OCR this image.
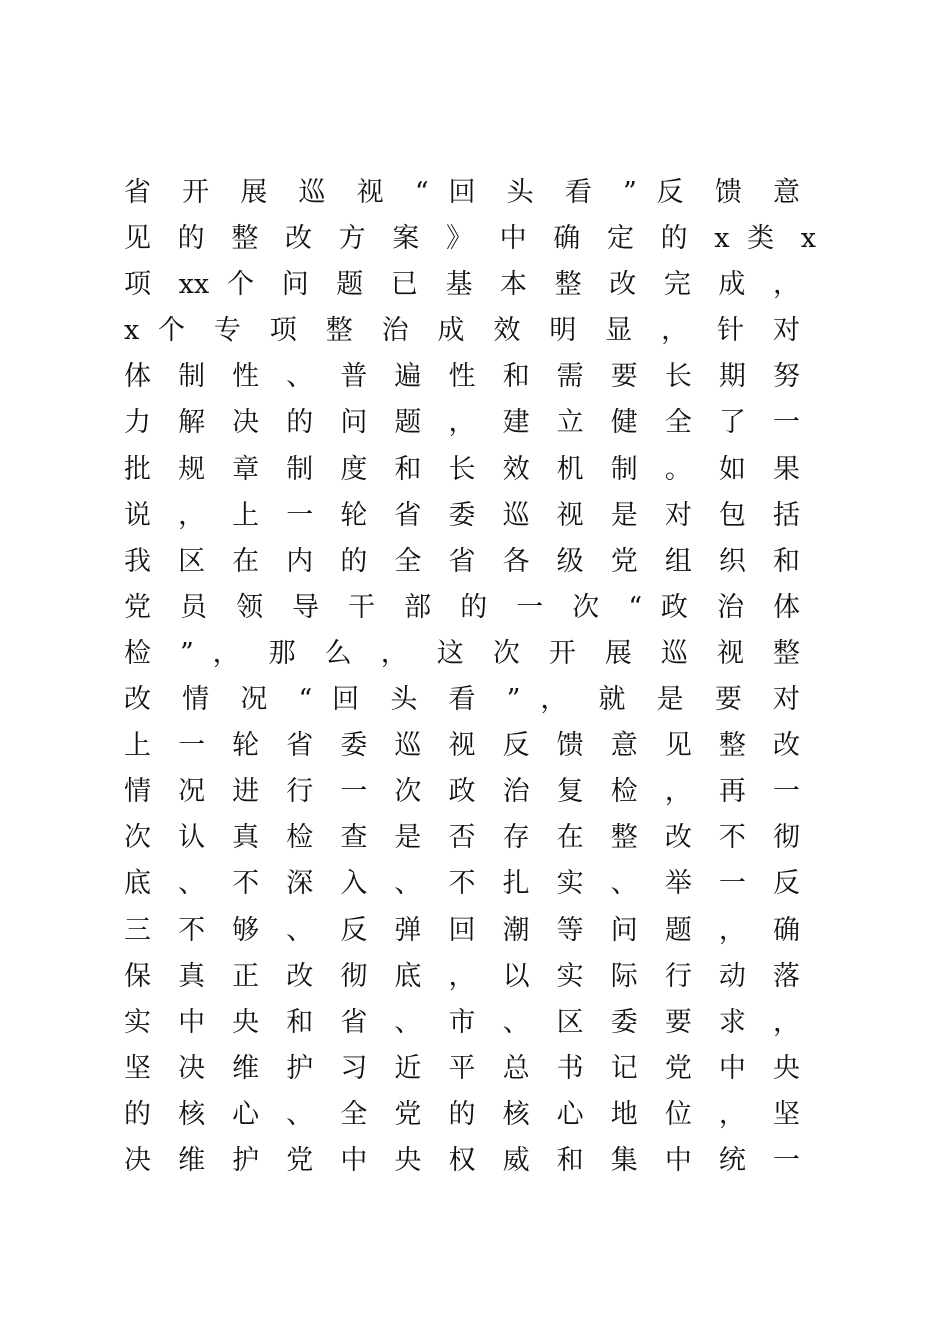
省 开 展 巡 视 “ 回 头 看 ” 反 馈 意
见 的 整 改 方 案 》 中 确 定 的 x 类 x
项 xx 个 问 题 已 基 本 整 改 完 成 ，
x 个 专 项 整 治 成 效 明 显 ， 针 对
体 制 性 、 普 遍 性 和 需 要 长 期 努
力 解 决 的 问 题 ， 建 立 健 全 了 一
批 规 章 制 度 和 长 效 机 制 。 如 果
说 ， 上 一 轮 省 委 巡 视 是 对 包 括
我 区 在 内 的 全 省 各 级 党 组 织 和
党 员 领 导 干 部 的 一 次 “ 政 治 体
检 ” ， 那 么 ， 这 次 开 展 巡 视 整
改 情 况 “ 回 头 看 ” ， 就 是 要 对
上 一 轮 省 委 巡 视 反 馈 意 见 整 改
情 况 进 行 一 次 政 治 复 检 ， 再 一
次 认 真 检 查 是 否 存 在 整 改 不 彻
底 、 不 深 入 、 不 扎 实 、 举 一 反
三 不 够 、 反 弹 回 潮 等 问 题 ， 确
保 真 正 改 彻 底 ， 以 实 际 行 动 落
实 中 央 和 省 、 市 、 区 委 要 求 ，
坚 决 维 护 习 近 平 总 书 记 党 中 央
的 核 心 、 全 党 的 核 心 地 位 ， 坚
决 维 护 党 中 央 权 威 和 集 中 统 一
